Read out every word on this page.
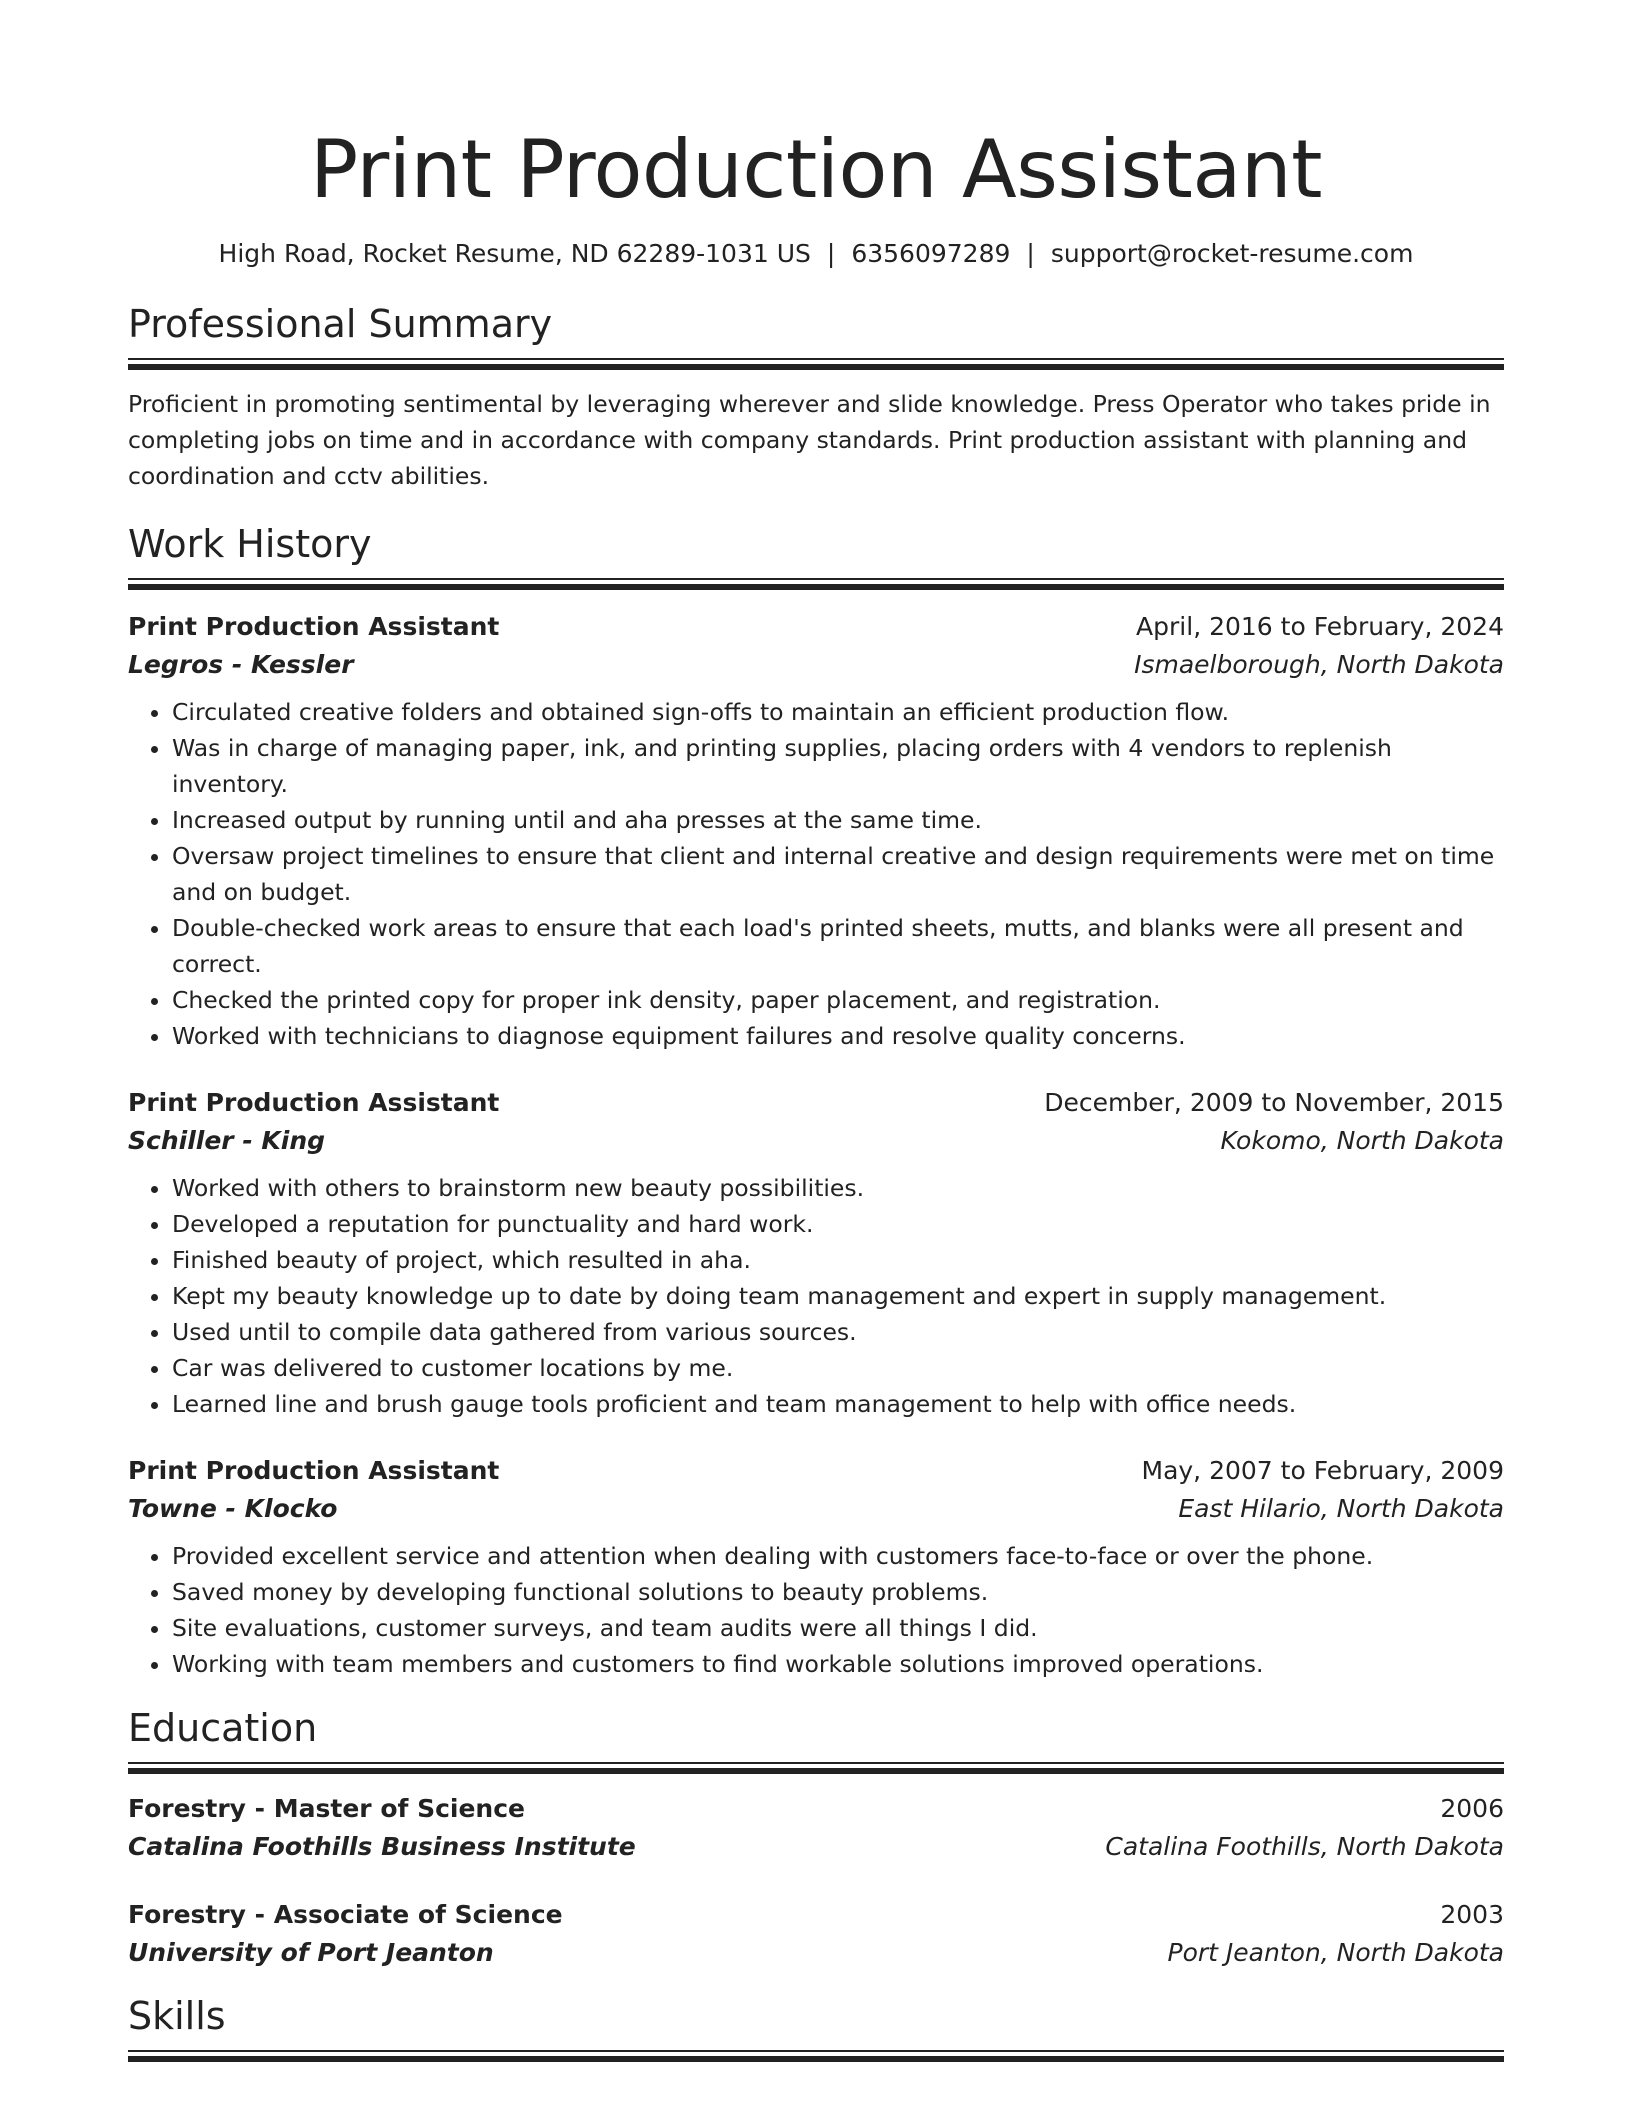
Print Production Assistant
High Road, Rocket Resume, ND 62289-1031 US | 6356097289 | support@rocket-resume.com
Professional Summary

Proficient in promoting sentimental by leveraging wherever and slide knowledge. Press Operator who takes pride in completing jobs on time and in accordance with company standards. Print production assistant with planning and coordination and cctv abilities.

Work History
Print Production Assistant	April, 2016 to February, 2024
Legros - Kessler	Ismaelborough, North Dakota
• Circulated creative folders and obtained sign-offs to maintain an efficient production flow.
• Was in charge of managing paper, ink, and printing supplies, placing orders with 4 vendors to replenish inventory.
• Increased output by running until and aha presses at the same time.
• Oversaw project timelines to ensure that client and internal creative and design requirements were met on time and on budget.
• Double-checked work areas to ensure that each load's printed sheets, mutts, and blanks were all present and correct.
• Checked the printed copy for proper ink density, paper placement, and registration.
• Worked with technicians to diagnose equipment failures and resolve quality concerns.
Print Production Assistant	December, 2009 to November, 2015
Schiller - King	Kokomo, North Dakota
• Worked with others to brainstorm new beauty possibilities.
• Developed a reputation for punctuality and hard work.
• Finished beauty of project, which resulted in aha.
• Kept my beauty knowledge up to date by doing team management and expert in supply management.
• Used until to compile data gathered from various sources.
• Car was delivered to customer locations by me.
• Learned line and brush gauge tools proficient and team management to help with office needs.
Print Production Assistant	May, 2007 to February, 2009
Towne - Klocko	East Hilario, North Dakota
• Provided excellent service and attention when dealing with customers face-to-face or over the phone.
• Saved money by developing functional solutions to beauty problems.
• Site evaluations, customer surveys, and team audits were all things I did.
• Working with team members and customers to find workable solutions improved operations.
Education
Forestry - Master of Science	2006
Catalina Foothills Business Institute	Catalina Foothills, North Dakota
Forestry - Associate of Science	2003
University of Port Jeanton	Port Jeanton, North Dakota
Skills
